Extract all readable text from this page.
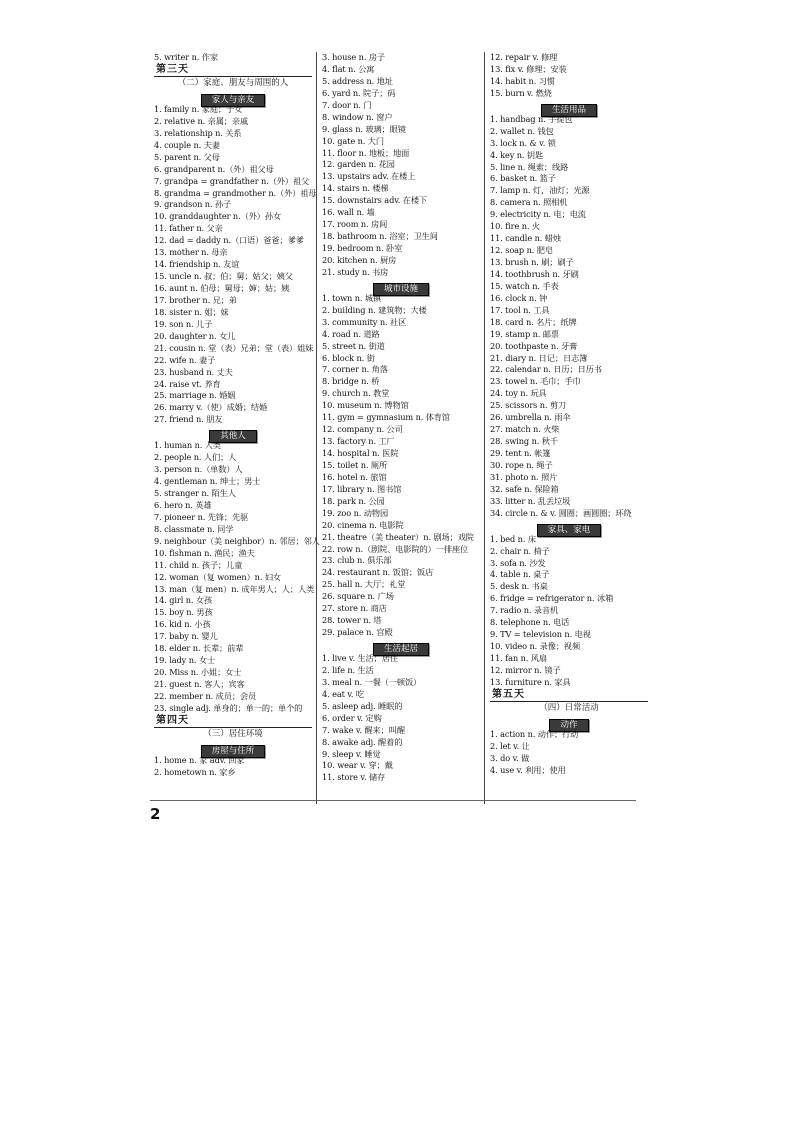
5. writer n. 作家
第三天
（二）家庭、朋友与周围的人
家人与亲友
1. family n. 家庭；子女
2. relative n. 亲属；亲戚
3. relationship n. 关系
4. couple n. 夫妻
5. parent n. 父母
6. grandparent n.（外）祖父母
7. grandpa = grandfather n.（外）祖父
8. grandma = grandmother n.（外）祖母
9. grandson n. 孙子
10. granddaughter n.（外）孙女
11. father n. 父亲
12. dad = daddy n.（口语）爸爸；爹爹
13. mother n. 母亲
14. friendship n. 友谊
15. uncle n. 叔；伯；舅；姑父；姨父
16. aunt n. 伯母；舅母；婶；姑；姨
17. brother n. 兄；弟
18. sister n. 姐；妹
19. son n. 儿子
20. daughter n. 女儿
21. cousin n. 堂（表）兄弟；堂（表）姐妹
22. wife n. 妻子
23. husband n. 丈夫
24. raise vt. 养育
25. marriage n. 婚姻
26. marry v.（使）成婚；结婚
27. friend n. 朋友
其他人
1. human n. 人类
2. people n. 人们；人
3. person n.（单数）人
4. gentleman n. 绅士；男士
5. stranger n. 陌生人
6. hero n. 英雄
7. pioneer n. 先锋；先驱
8. classmate n. 同学
9. neighbour（美 neighbor）n. 邻居；邻人
10. fishman n. 渔民；渔夫
11. child n. 孩子；儿童
12. woman（复 women）n. 妇女
13. man（复 men）n. 成年男人；人；人类
14. girl n. 女孩
15. boy n. 男孩
16. kid n. 小孩
17. baby n. 婴儿
18. elder n. 长辈；前辈
19. lady n. 女士
20. Miss n. 小姐；女士
21. guest n. 客人；宾客
22. member n. 成员；会员
23. single adj. 单身的；单一的；单个的
第四天
（三）居住环境
房屋与住所
1. home n. 家 adv. 回家
2. hometown n. 家乡
3. house n. 房子
4. flat n. 公寓
5. address n. 地址
6. yard n. 院子；码
7. door n. 门
8. window n. 窗户
9. glass n. 玻璃；眼镜
10. gate n. 大门
11. floor n. 地板；地面
12. garden n. 花园
13. upstairs adv. 在楼上
14. stairs n. 楼梯
15. downstairs adv. 在楼下
16. wall n. 墙
17. room n. 房间
18. bathroom n. 浴室；卫生间
19. bedroom n. 卧室
20. kitchen n. 厨房
21. study n. 书房
城市设施
1. town n. 城镇
2. building n. 建筑物；大楼
3. community n. 社区
4. road n. 道路
5. street n. 街道
6. block n. 街
7. corner n. 角落
8. bridge n. 桥
9. church n. 教堂
10. museum n. 博物馆
11. gym = gymnasium n. 体育馆
12. company n. 公司
13. factory n. 工厂
14. hospital n. 医院
15. toilet n. 厕所
16. hotel n. 旅馆
17. library n. 图书馆
18. park n. 公园
19. zoo n. 动物园
20. cinema n. 电影院
21. theatre（美 theater）n. 剧场；戏院
22. row n.（剧院、电影院的）一排座位
23. club n. 俱乐部
24. restaurant n. 饭馆；饭店
25. hall n. 大厅；礼堂
26. square n. 广场
27. store n. 商店
28. tower n. 塔
29. palace n. 宫殿
生活起居
1. live v. 生活；居住
2. life n. 生活
3. meal n. 一餐（一顿饭）
4. eat v. 吃
5. asleep adj. 睡眠的
6. order v. 定购
7. wake v. 醒来；叫醒
8. awake adj. 醒着的
9. sleep v. 睡觉
10. wear v. 穿；戴
11. store v. 储存
12. repair v. 修理
13. fix v. 修理；安装
14. habit n. 习惯
15. burn v. 燃烧
生活用品
1. handbag n. 手提包
2. wallet n. 钱包
3. lock n. & v. 锁
4. key n. 钥匙
5. line n. 绳索；线路
6. basket n. 篮子
7. lamp n. 灯，油灯；光源
8. camera n. 照相机
9. electricity n. 电；电流
10. fire n. 火
11. candle n. 蜡烛
12. soap n. 肥皂
13. brush n. 刷；刷子
14. toothbrush n. 牙刷
15. watch n. 手表
16. clock n. 钟
17. tool n. 工具
18. card n. 名片；纸牌
19. stamp n. 邮票
20. toothpaste n. 牙膏
21. diary n. 日记；日志簿
22. calendar n. 日历；日历书
23. towel n. 毛巾；手巾
24. toy n. 玩具
25. scissors n. 剪刀
26. umbrella n. 雨伞
27. match n. 火柴
28. swing n. 秋千
29. tent n. 帐篷
30. rope n. 绳子
31. photo n. 照片
32. safe n. 保险箱
33. litter n. 乱丢垃圾
34. circle n. & v. 圆圈；画圆圈；环绕
家具、家电
1. bed n. 床
2. chair n. 椅子
3. sofa n. 沙发
4. table n. 桌子
5. desk n. 书桌
6. fridge = refrigerator n. 冰箱
7. radio n. 录音机
8. telephone n. 电话
9. TV = television n. 电视
10. video n. 录像；视频
11. fan n. 风扇
12. mirror n. 镜子
13. furniture n. 家具
第五天
（四）日常活动
动作
1. action n. 动作；行动
2. let v. 让
3. do v. 做
4. use v. 利用；使用
2
